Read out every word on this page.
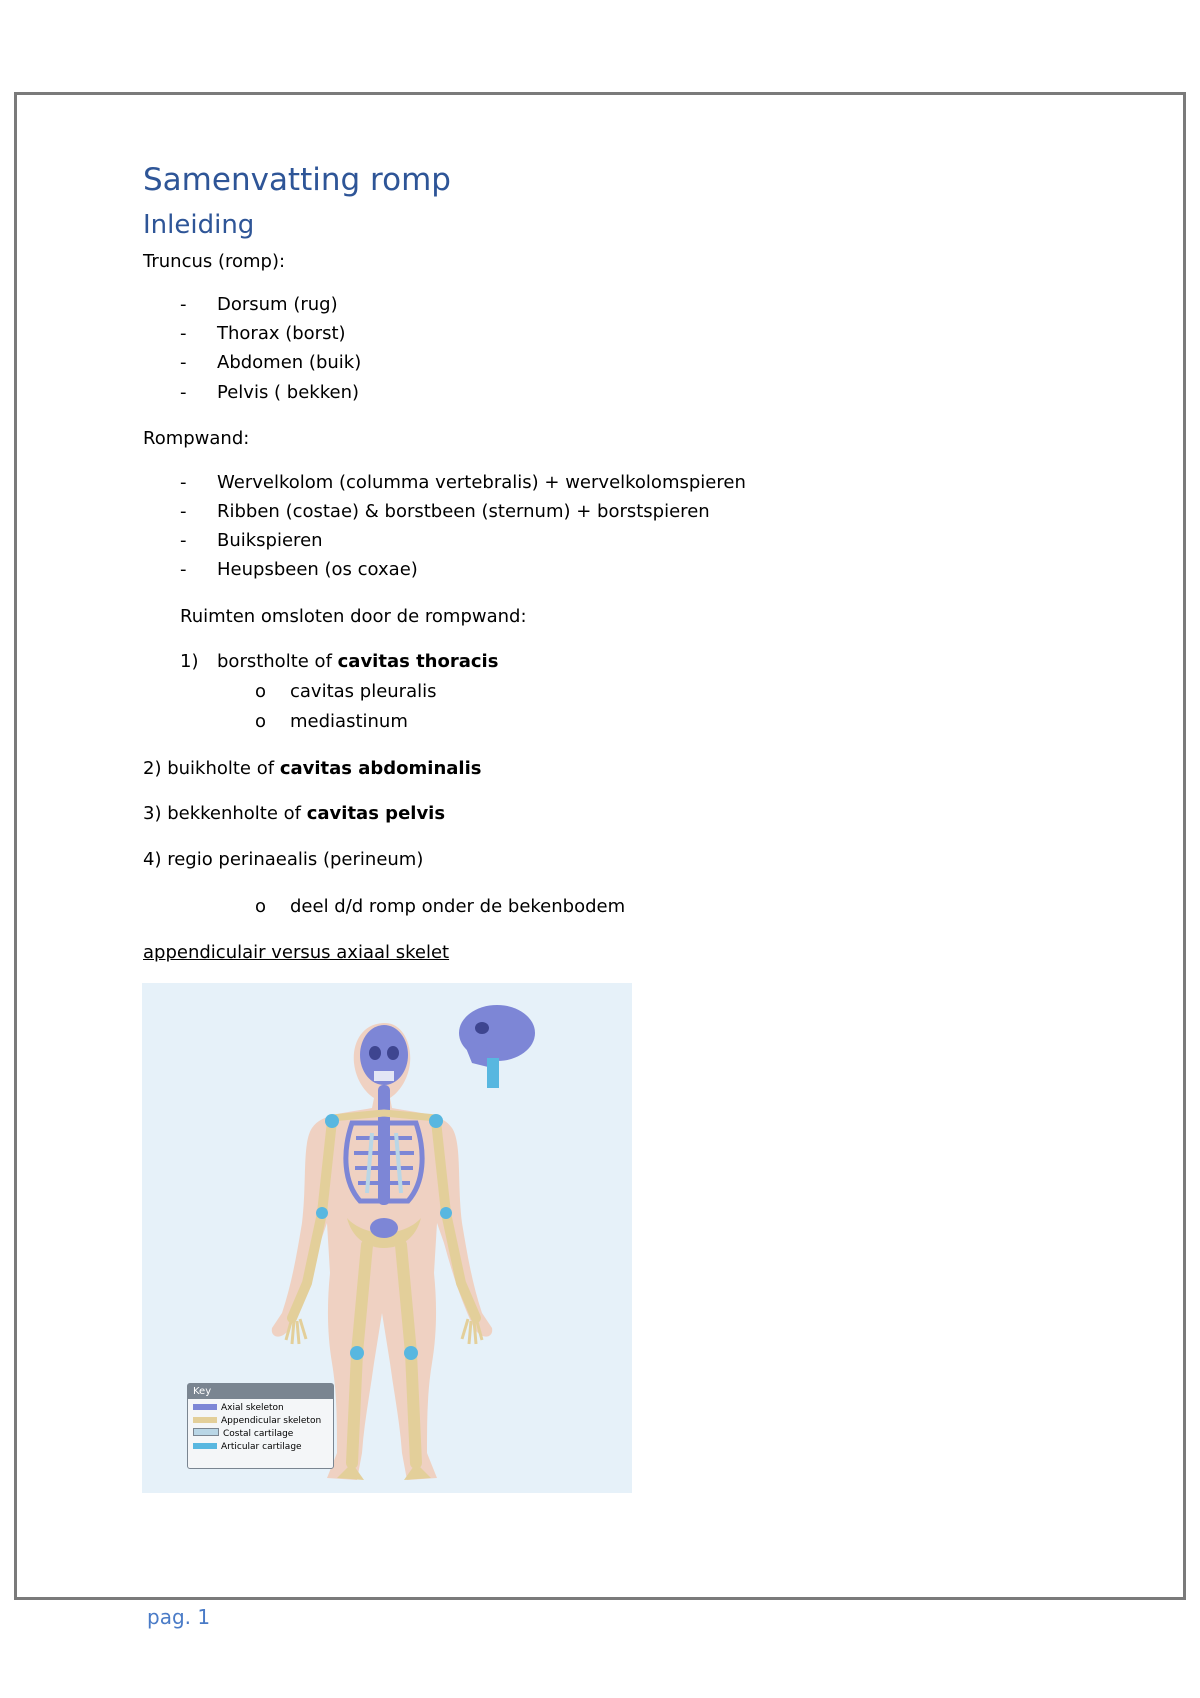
Samenvatting romp
Inleiding
Truncus (romp):
- Dorsum (rug)
- Thorax (borst)
- Abdomen (buik)
- Pelvis ( bekken)
Rompwand:
- Wervelkolom (columma vertebralis) + wervelkolomspieren
- Ribben (costae) & borstbeen (sternum) + borstspieren
- Buikspieren
- Heupsbeen (os coxae)
Ruimten omsloten door de rompwand:
1) borstholte of cavitas thoracis
o cavitas pleuralis
o mediastinum
2) buikholte of cavitas abdominalis
3) bekkenholte of cavitas pelvis
4) regio perinaealis (perineum)
o deel d/d romp onder de bekenbodem
appendiculair versus axiaal skelet
Key
Axial skeleton
Appendicular skeleton
Costal cartilage
Articular cartilage
pag. 1
